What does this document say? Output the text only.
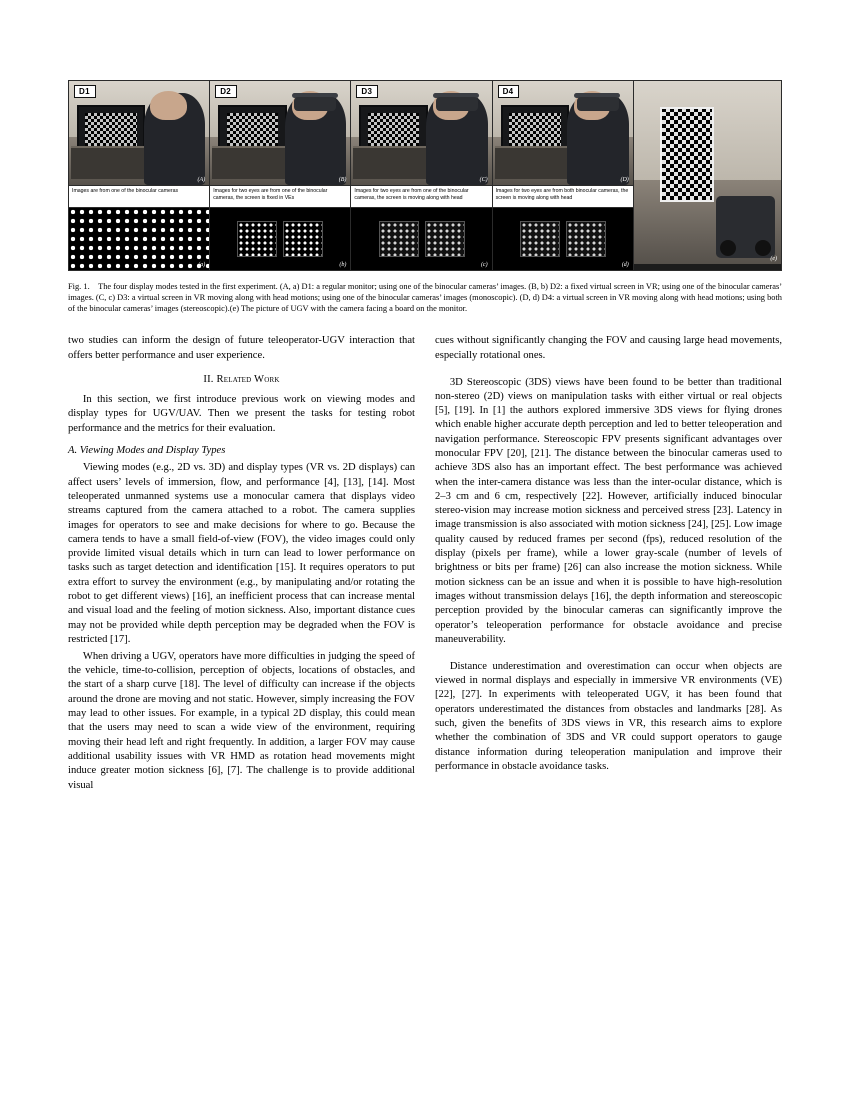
D1
(A)
Images are from one of the binocular cameras
(a)
D2
(B)
Images for two eyes are from one of the binocular cameras, the screen is fixed in VEs
(b)
D3
(C)
Images for two eyes are from one of the binocular cameras, the screen is moving along with head
(c)
D4
(D)
Images for two eyes are from both binocular cameras, the screen is moving along with head
(d)
(e)
Fig. 1. The four display modes tested in the first experiment. (A, a) D1: a regular monitor; using one of the binocular cameras’ images. (B, b) D2: a fixed virtual screen in VR; using one of the binocular cameras’ images. (C, c) D3: a virtual screen in VR moving along with head motions; using one of the binocular cameras’ images (monoscopic). (D, d) D4: a virtual screen in VR moving along with head motions; using both of the binocular cameras’ images (stereoscopic).(e) The picture of UGV with the camera facing a board on the monitor.

two studies can inform the design of future teleoperator-UGV interaction that offers better performance and user experience.

II. Related Work

In this section, we first introduce previous work on viewing modes and display types for UGV/UAV. Then we present the tasks for testing robot performance and the metrics for their evaluation.

A. Viewing Modes and Display Types

Viewing modes (e.g., 2D vs. 3D) and display types (VR vs. 2D displays) can affect users’ levels of immersion, flow, and performance [4], [13], [14]. Most teleoperated unmanned systems use a monocular camera that displays video streams captured from the camera attached to a robot. The camera supplies images for operators to see and make decisions for where to go. Because the camera tends to have a small field-of-view (FOV), the video images could only provide limited visual details which in turn can lead to lower performance on tasks such as target detection and identification [15]. It requires operators to put extra effort to survey the environment (e.g., by manipulating and/or rotating the robot to get different views) [16], an inefficient process that can increase mental and visual load and the feeling of motion sickness. Also, important distance cues may not be provided while depth perception may be degraded when the FOV is restricted [17].

When driving a UGV, operators have more difficulties in judging the speed of the vehicle, time-to-collision, perception of objects, locations of obstacles, and the start of a sharp curve [18]. The level of difficulty can increase if the objects around the drone are moving and not static. However, simply increasing the FOV may lead to other issues. For example, in a typical 2D display, this could mean that the users may need to scan a wide view of the environment, requiring moving their head left and right frequently. In addition, a larger FOV may cause additional usability issues with VR HMD as rotation head movements might induce greater motion sickness [6], [7]. The challenge is to provide additional visual

cues without significantly changing the FOV and causing large head movements, especially rotational ones.

3D Stereoscopic (3DS) views have been found to be better than traditional non-stereo (2D) views on manipulation tasks with either virtual or real objects [5], [19]. In [1] the authors explored immersive 3DS views for flying drones which enable higher accurate depth perception and led to better teleoperation and navigation performance. Stereoscopic FPV presents significant advantages over monocular FPV [20], [21]. The distance between the binocular cameras used to achieve 3DS also has an important effect. The best performance was achieved when the inter-camera distance was less than the inter-ocular distance, which is 2–3 cm and 6 cm, respectively [22]. However, artificially induced binocular stereo-vision may increase motion sickness and perceived stress [23]. Latency in image transmission is also associated with motion sickness [24], [25]. Low image quality caused by reduced frames per second (fps), reduced resolution of the display (pixels per frame), while a lower gray-scale (number of levels of brightness or bits per frame) [26] can also increase the motion sickness. While motion sickness can be an issue and when it is possible to have high-resolution images without transmission delays [16], the depth information and stereoscopic perception provided by the binocular cameras can significantly improve the operator’s teleoperation performance for obstacle avoidance and precise maneuverability.

Distance underestimation and overestimation can occur when objects are viewed in normal displays and especially in immersive VR environments (VE) [22], [27]. In experiments with teleoperated UGV, it has been found that operators underestimated the distances from obstacles and landmarks [28]. As such, given the benefits of 3DS views in VR, this research aims to explore whether the combination of 3DS and VR could support operators to gauge distance information during teleoperation manipulation and improve their performance in obstacle avoidance tasks.
